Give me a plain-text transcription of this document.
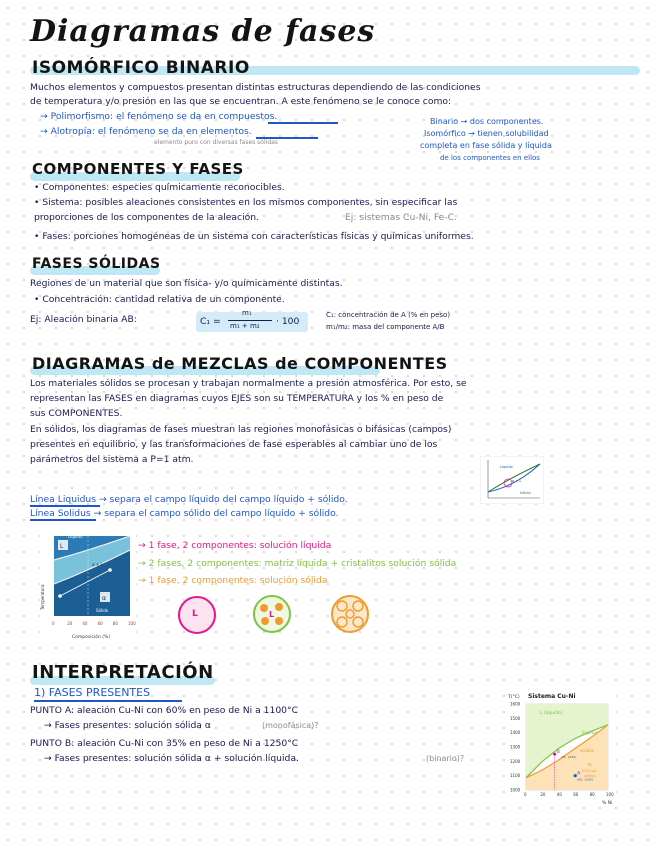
Diagramas de fases
ISOMÓRFICO BINARIO
Muchos elementos y compuestos presentan distintas estructuras dependiendo de las condiciones
de temperatura y/o presión en las que se encuentran. A este fenómeno se le conoce como:
→ Polimorfismo: el fenómeno se da en compuestos.
→ Alotropía: el fenómeno se da en elementos.
elemento puro con diversas fases sólidas
Binario → dos componentes.
Isomórfico → tienen solubilidad
completa en fase sólida y líquida
de los componentes en ellos
COMPONENTES Y FASES
• Componentes: especies químicamente reconocibles.
• Sistema: posibles aleaciones consistentes en los mismos componentes, sin especificar las
proporciones de los componentes de la aleación.	Ej: sistemas Cu-Ni, Fe-C.
• Fases: porciones homogéneas de un sistema con características físicas y químicas uniformes.
FASES SÓLIDAS
Regiones de un material que son física- y/o químicamente distintas.
• Concentración: cantidad relativa de un componente.
Ej: Aleación binaria AB:	C₁ =
m₁
m₁ + m₂ · 100
C₁: concentración de A (% en peso)
m₁/m₂: masa del componente A/B
DIAGRAMAS de MEZCLAS de COMPONENTES
Los materiales sólidos se procesan y trabajan normalmente a presión atmosférica. Por esto, se
representan las FASES en diagramas cuyos EJES son su TEMPERATURA y los % en peso de
sus COMPONENTES.
En sólidos, los diagramas de fases muestran las regiones monofásicas o bifásicas (campos)
presentes en equilibrio, y las transformaciones de fase esperables al cambiar uno de los
parámetros del sistema a P=1 atm.
Líquido
Sólido
α + L
Línea Liquidus → separa el campo líquido del campo líquido + sólido.
Línea Solidus → separa el campo sólido del campo líquido + sólido.
L
α
Líquido
Sólido
α + L
Temperatura
0	20	40	60	80	100
Composición (%)
→ 1 fase, 2 componentes: solución líquida
→ 2 fases, 2 componentes: matriz líquida + cristalitos solución sólida
→ 1 fase, 2 componentes: solución sólida
L	L
INTERPRETACIÓN
1) FASES PRESENTES
PUNTO A: aleación Cu-Ni con 60% en peso de Ni a 1100°C
→ Fases presentes: solución sólida α	(monofásica)?
PUNTO B: aleación Cu-Ni con 35% en peso de Ni a 1250°C
→ Fases presentes: solución sólida α + solución líquida.	(binario)?
Sistema Cu-Ni
T(°C)
B
(35, 1250)
A
(60, 1100)
1600
1500
1400
1300
1200
1100
1000
0	20	40	60	80	100
% Ni
L (líquido)
liquidus
solidus
α
(FCC sol.
sólida)
